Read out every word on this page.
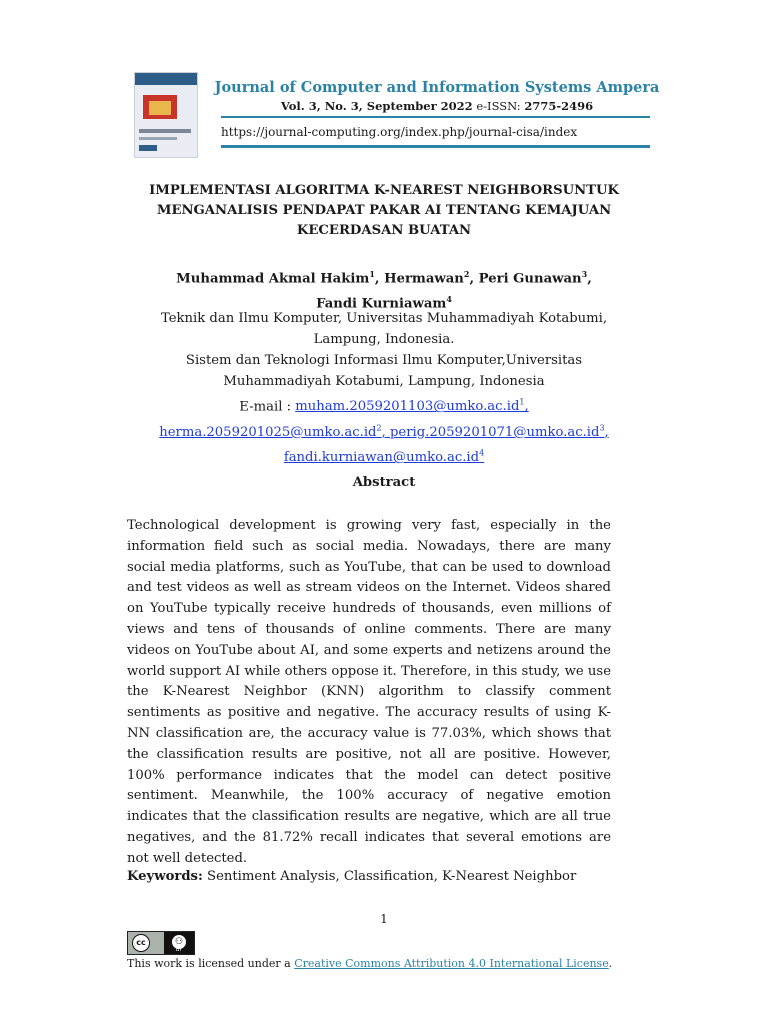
Journal of Computer and Information Systems Ampera
Vol. 3, No. 3, September 2022 e-ISSN: 2775-2496
https://journal-computing.org/index.php/journal-cisa/index
IMPLEMENTASI ALGORITMA K-NEAREST NEIGHBORSUNTUK
MENGANALISIS PENDAPAT PAKAR AI TENTANG KEMAJUAN
KECERDASAN BUATAN
Muhammad Akmal Hakim$^1$, Hermawan$^2$, Peri Gunawan$^3$,
Fandi Kurniawam$^4$
Teknik dan Ilmu Komputer, Universitas Muhammadiyah Kotabumi,
Lampung, Indonesia.
Sistem dan Teknologi Informasi Ilmu Komputer,Universitas
Muhammadiyah Kotabumi, Lampung, Indonesia
E-mail : $muham.2059201103@umko.ac.id^1$,
$herma.2059201025@umko.ac.id^2$, $perig.2059201071@umko.ac.id^3$,
$fandi.kurniawan@umko.ac.id^4$
Abstract
Technological development is growing very fast, especially in the information field such as social media. Nowadays, there are many social media platforms, such as YouTube, that can be used to download and test videos as well as stream videos on the Internet. Videos shared on YouTube typically receive hundreds of thousands, even millions of views and tens of thousands of online comments. There are many videos on YouTube about AI, and some experts and netizens around the world support AI while others oppose it. Therefore, in this study, we use the K-Nearest Neighbor (KNN) algorithm to classify comment sentiments as positive and negative. The accuracy results of using K-NN classification are, the accuracy value is 77.03%, which shows that the classification results are positive, not all are positive. However, 100% performance indicates that the model can detect positive sentiment. Meanwhile, the 100% accuracy of negative emotion indicates that the classification results are negative, which are all true negatives, and the 81.72% recall indicates that several emotions are not well detected.
Keywords: Sentiment Analysis, Classification, K-Nearest Neighbor
1
cc	⚇
BY
This work is licensed under a Creative Commons Attribution 4.0 International License.
